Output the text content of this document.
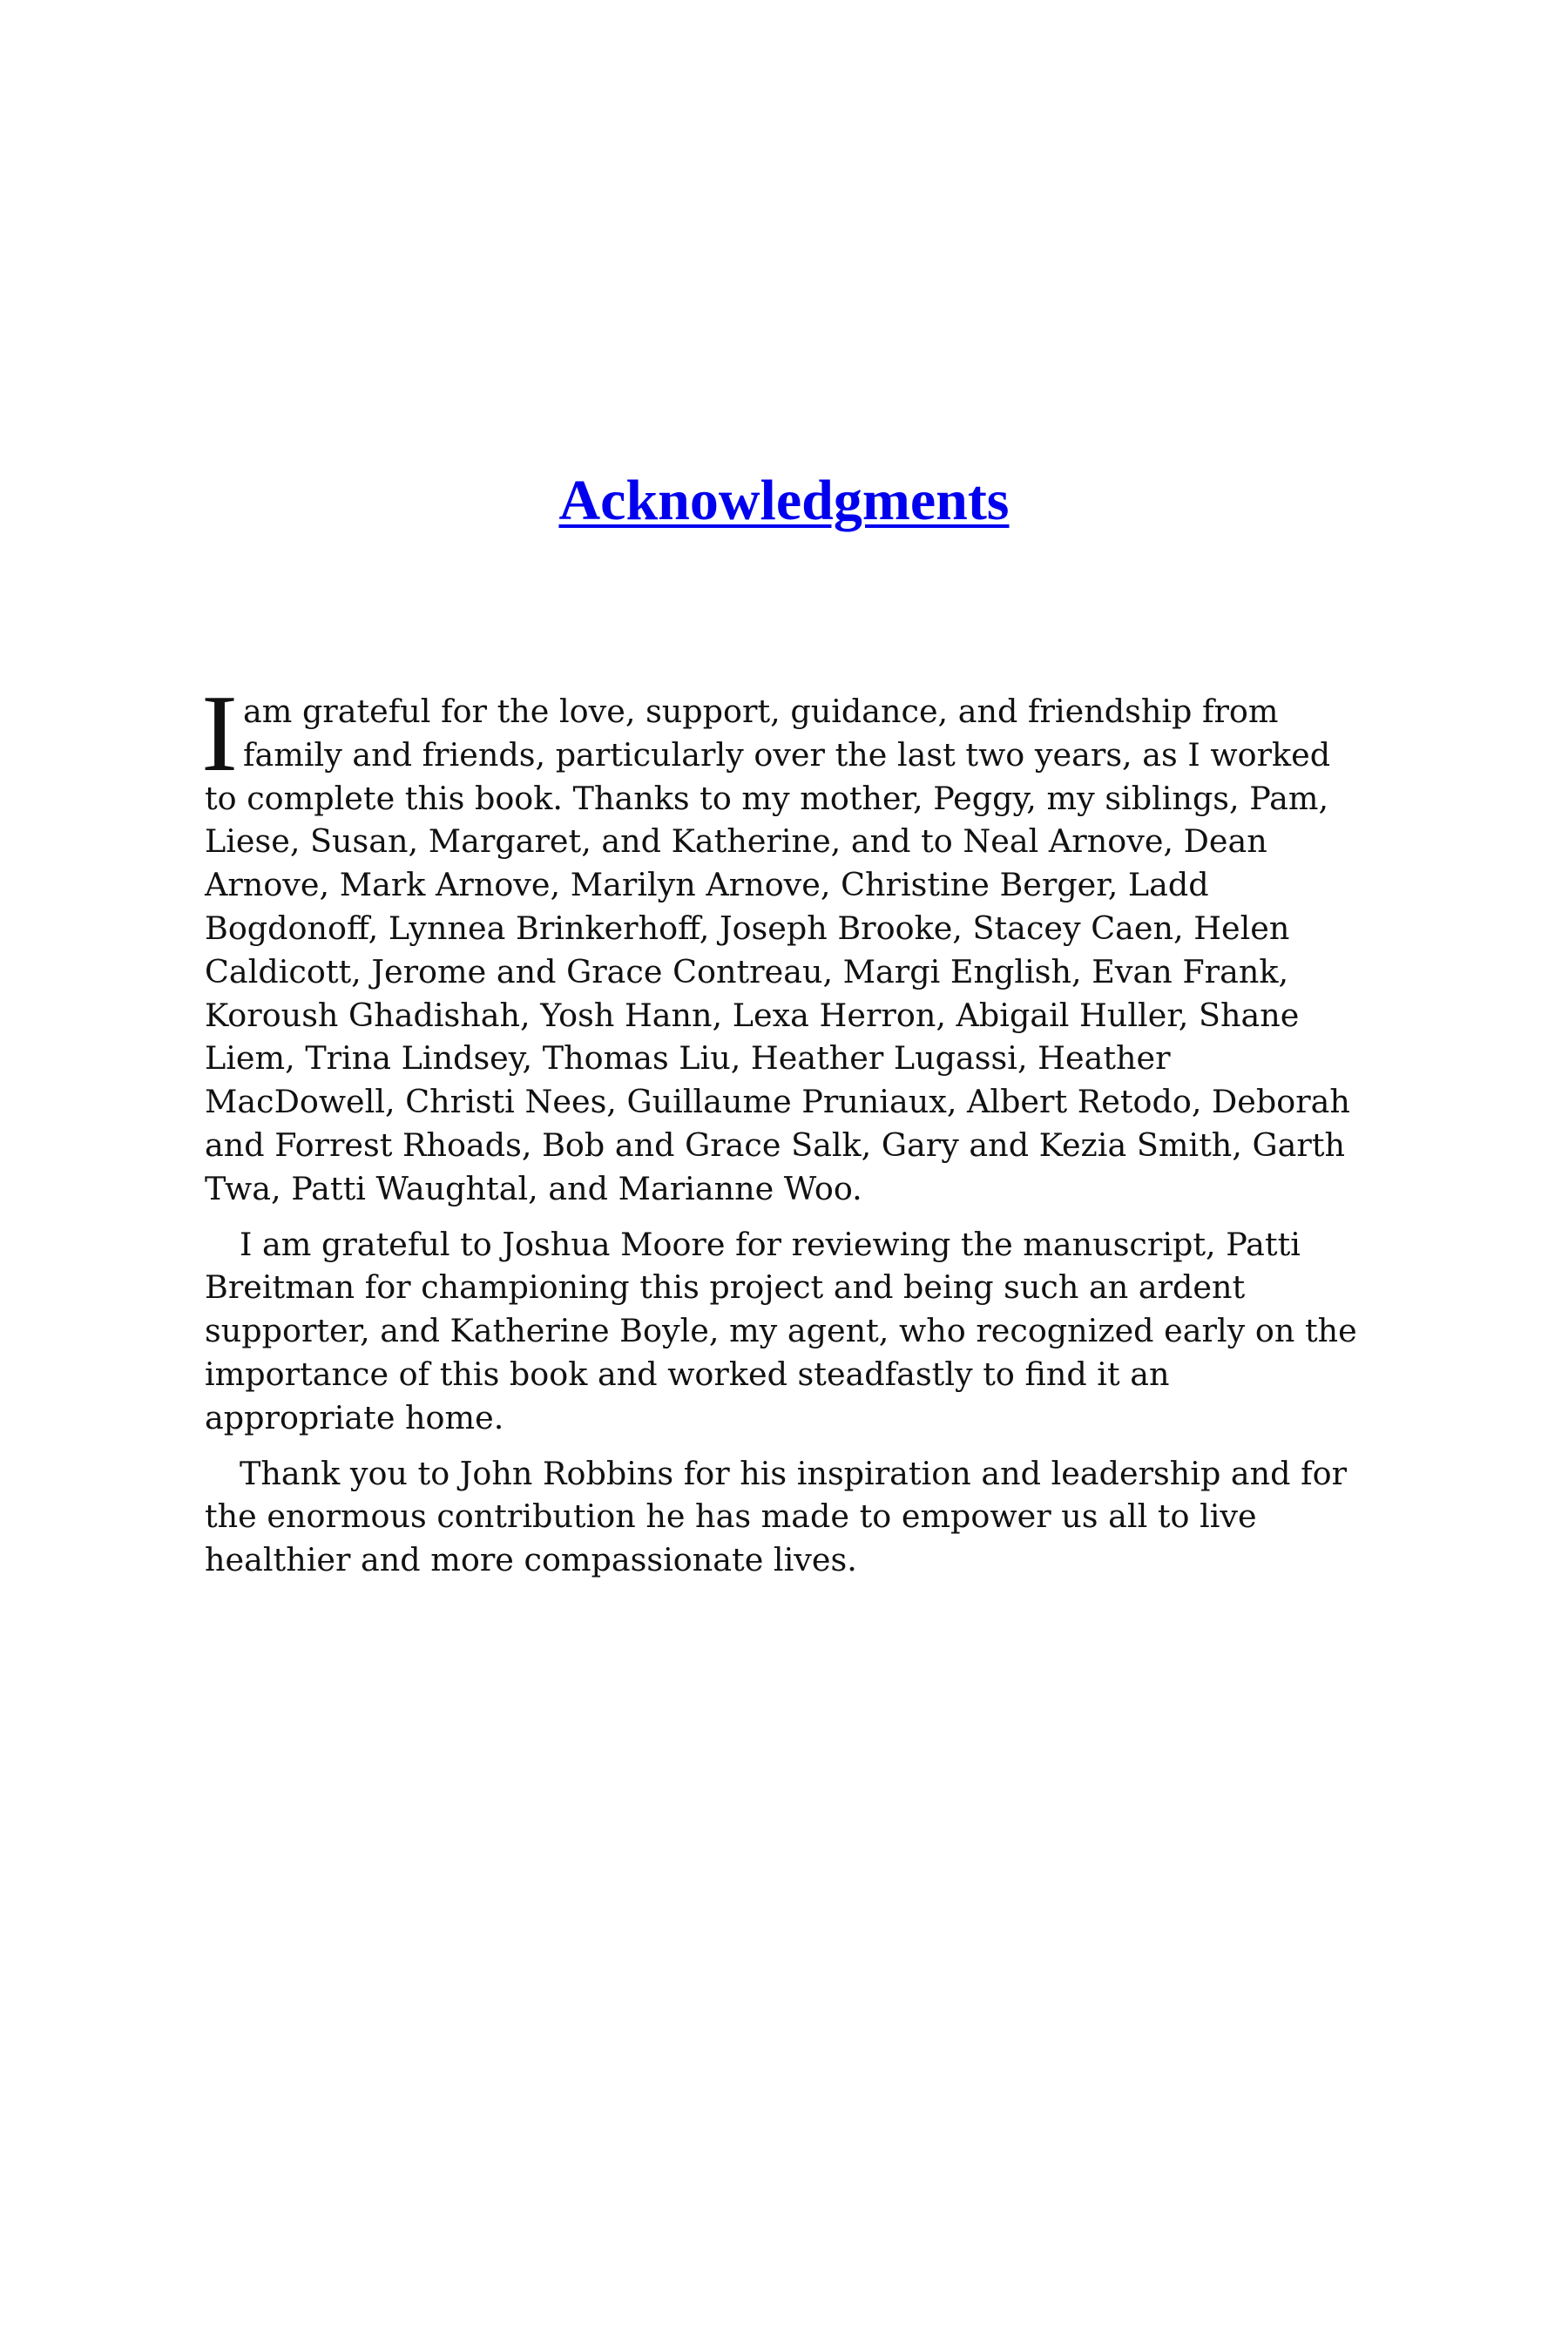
Acknowledgments

Iam grateful for the love, support, guidance, and friendship from family and friends, particularly over the last two years, as I worked to complete this book. Thanks to my mother, Peggy, my siblings, Pam, Liese, Susan, Margaret, and Katherine, and to Neal Arnove, Dean Arnove, Mark Arnove, Marilyn Arnove, Christine Berger, Ladd Bogdonoff, Lynnea Brinkerhoff, Joseph Brooke, Stacey Caen, Helen Caldicott, Jerome and Grace Contreau, Margi English, Evan Frank, Koroush Ghadishah, Yosh Hann, Lexa Herron, Abigail Huller, Shane Liem, Trina Lindsey, Thomas Liu, Heather Lugassi, Heather MacDowell, Christi Nees, Guillaume Pruniaux, Albert Retodo, Deborah and Forrest Rhoads, Bob and Grace Salk, Gary and Kezia Smith, Garth Twa, Patti Waughtal, and Marianne Woo.

I am grateful to Joshua Moore for reviewing the manuscript, Patti Breitman for championing this project and being such an ardent supporter, and Katherine Boyle, my agent, who recognized early on the importance of this book and worked steadfastly to find it an appropriate home.

Thank you to John Robbins for his inspiration and leadership and for the enormous contribution he has made to empower us all to live healthier and more compassionate lives.
